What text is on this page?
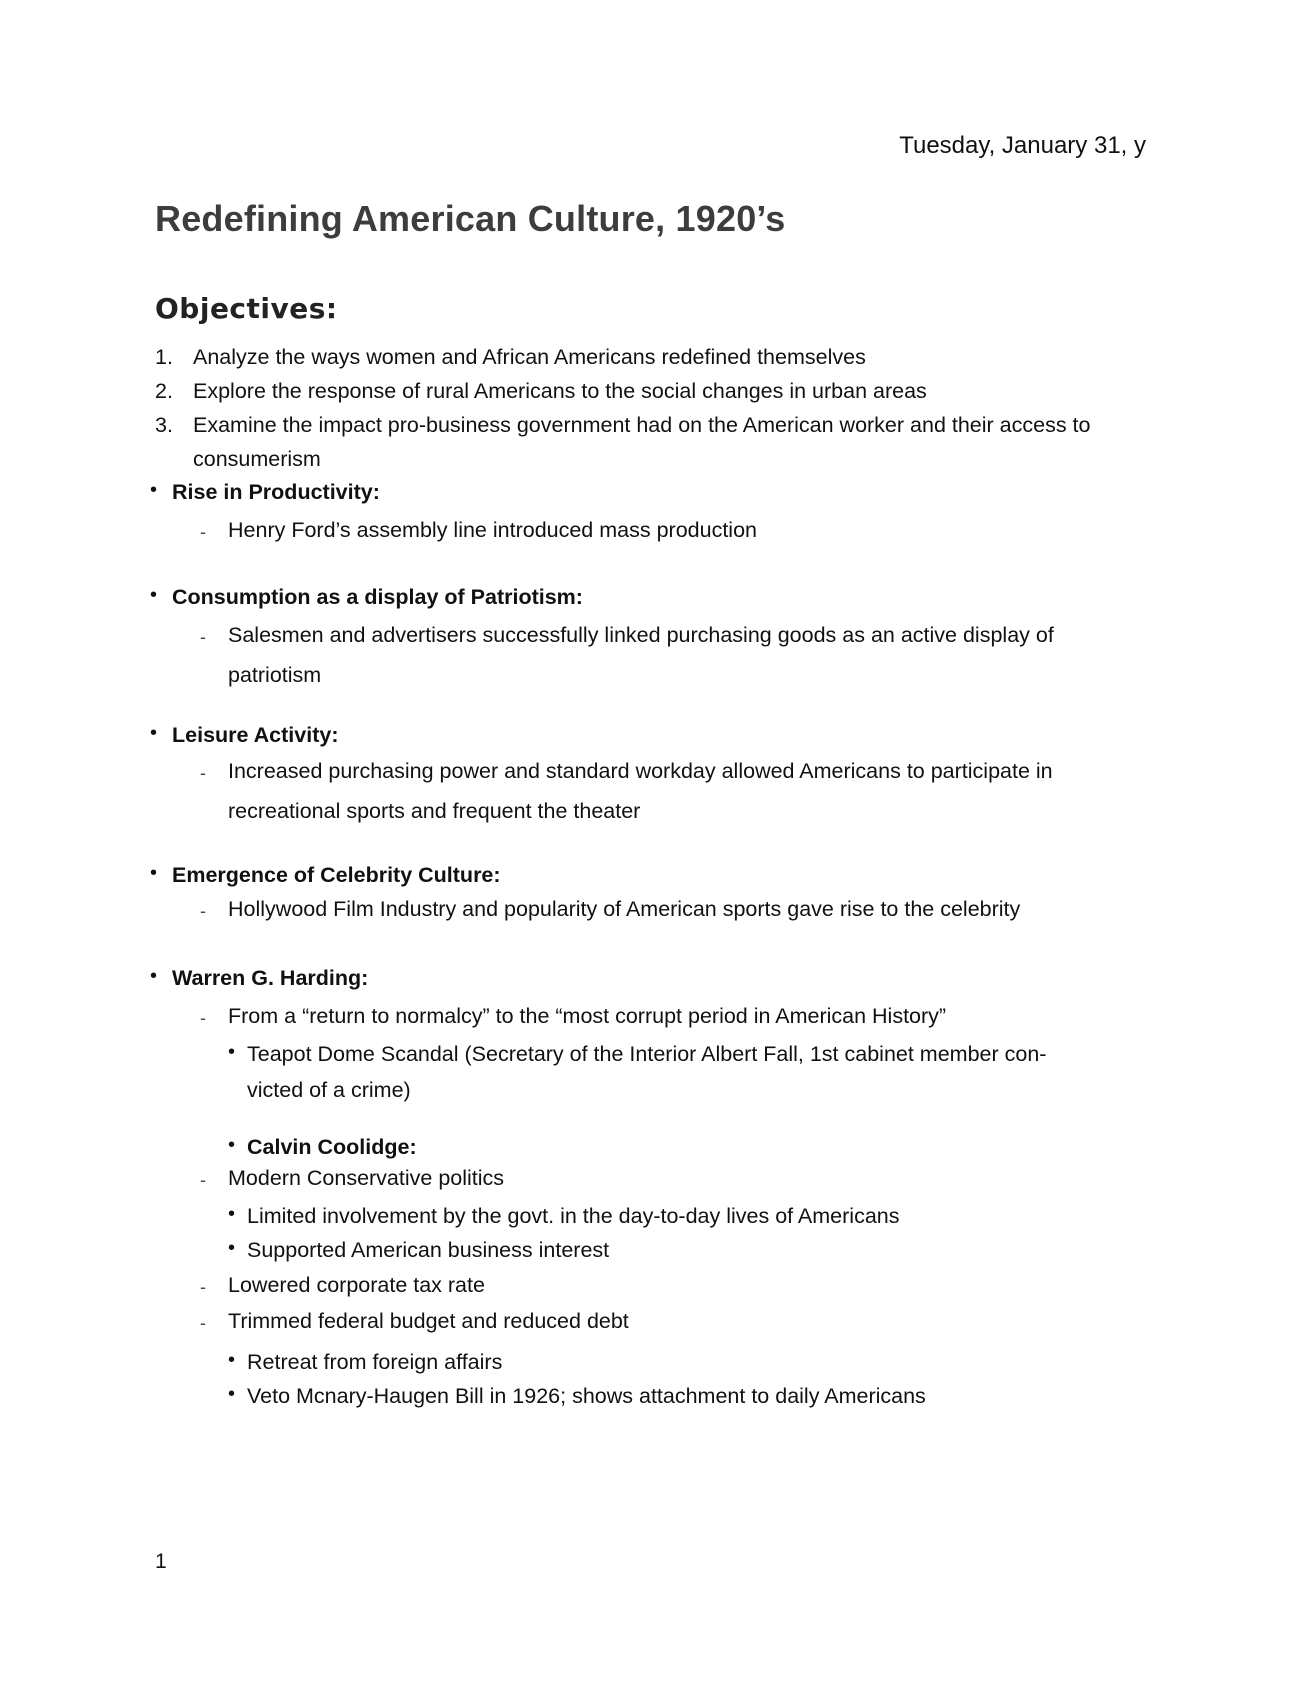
Tuesday, January 31, y
Redefining American Culture, 1920’s
Objectives:
1. Analyze the ways women and African Americans redefined themselves
2. Explore the response of rural Americans to the social changes in urban areas
3. Examine the impact pro-business government had on the American worker and their access to consumerism
• Rise in Productivity:
- Henry Ford’s assembly line introduced mass production
• Consumption as a display of Patriotism:
- Salesmen and advertisers successfully linked purchasing goods as an active display of patriotism
• Leisure Activity:
- Increased purchasing power and standard workday allowed Americans to participate in recreational sports and frequent the theater
• Emergence of Celebrity Culture:
- Hollywood Film Industry and popularity of American sports gave rise to the celebrity
• Warren G. Harding:
- From a “return to normalcy” to the “most corrupt period in American History”
• Teapot Dome Scandal (Secretary of the Interior Albert Fall, 1st cabinet member con- victed of a crime)
• Calvin Coolidge:
- Modern Conservative politics
• Limited involvement by the govt. in the day-to-day lives of Americans
• Supported American business interest
- Lowered corporate tax rate
- Trimmed federal budget and reduced debt
• Retreat from foreign affairs
• Veto Mcnary-Haugen Bill in 1926; shows attachment to daily Americans
1
